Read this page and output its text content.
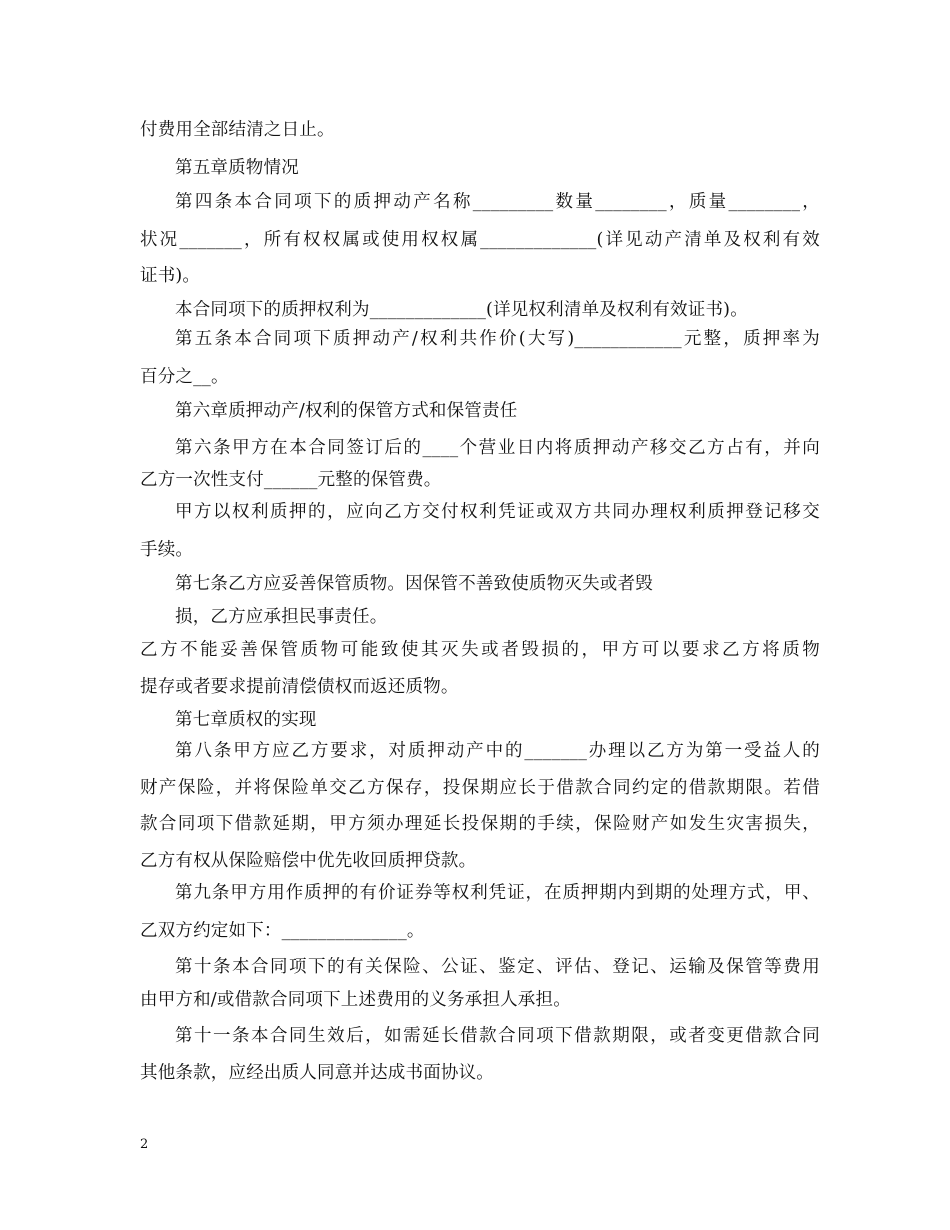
付费用全部结清之日止。
第五章质物情况
第四条本合同项下的质押动产名称_________数量________，质量________，
状况_______，所有权权属或使用权权属_____________(详见动产清单及权利有效
证书)。
本合同项下的质押权利为_____________(详见权利清单及权利有效证书)。
第五条本合同项下质押动产/权利共作价(大写)____________元整，质押率为
百分之__。
第六章质押动产/权利的保管方式和保管责任
第六条甲方在本合同签订后的____个营业日内将质押动产移交乙方占有，并向
乙方一次性支付______元整的保管费。
甲方以权利质押的，应向乙方交付权利凭证或双方共同办理权利质押登记移交
手续。
第七条乙方应妥善保管质物。因保管不善致使质物灭失或者毁
损，乙方应承担民事责任。
乙方不能妥善保管质物可能致使其灭失或者毁损的，甲方可以要求乙方将质物
提存或者要求提前清偿债权而返还质物。
第七章质权的实现
第八条甲方应乙方要求，对质押动产中的_______办理以乙方为第一受益人的
财产保险，并将保险单交乙方保存，投保期应长于借款合同约定的借款期限。若借
款合同项下借款延期，甲方须办理延长投保期的手续，保险财产如发生灾害损失，
乙方有权从保险赔偿中优先收回质押贷款。
第九条甲方用作质押的有价证券等权利凭证，在质押期内到期的处理方式，甲、
乙双方约定如下：______________。
第十条本合同项下的有关保险、公证、鉴定、评估、登记、运输及保管等费用
由甲方和/或借款合同项下上述费用的义务承担人承担。
第十一条本合同生效后，如需延长借款合同项下借款期限，或者变更借款合同
其他条款，应经出质人同意并达成书面协议。
2
